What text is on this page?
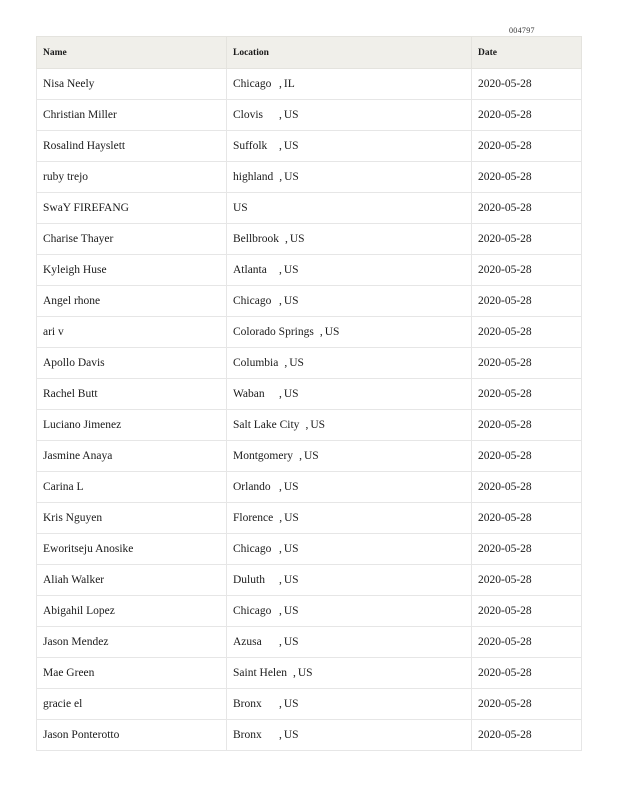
004797
Name	Location	Date
Nisa Neely	Chicago , IL	2020-05-28
Christian Miller	Clovis , US	2020-05-28
Rosalind Hayslett	Suffolk , US	2020-05-28
ruby trejo	highland , US	2020-05-28
SwaY FIREFANG	US	2020-05-28
Charise Thayer	Bellbrook , US	2020-05-28
Kyleigh Huse	Atlanta , US	2020-05-28
Angel rhone	Chicago , US	2020-05-28
ari v	Colorado Springs , US	2020-05-28
Apollo Davis	Columbia , US	2020-05-28
Rachel Butt	Waban , US	2020-05-28
Luciano Jimenez	Salt Lake City , US	2020-05-28
Jasmine Anaya	Montgomery , US	2020-05-28
Carina L	Orlando , US	2020-05-28
Kris Nguyen	Florence , US	2020-05-28
Eworitseju Anosike	Chicago , US	2020-05-28
Aliah Walker	Duluth , US	2020-05-28
Abigahil Lopez	Chicago , US	2020-05-28
Jason Mendez	Azusa , US	2020-05-28
Mae Green	Saint Helen , US	2020-05-28
gracie el	Bronx , US	2020-05-28
Jason Ponterotto	Bronx , US	2020-05-28
